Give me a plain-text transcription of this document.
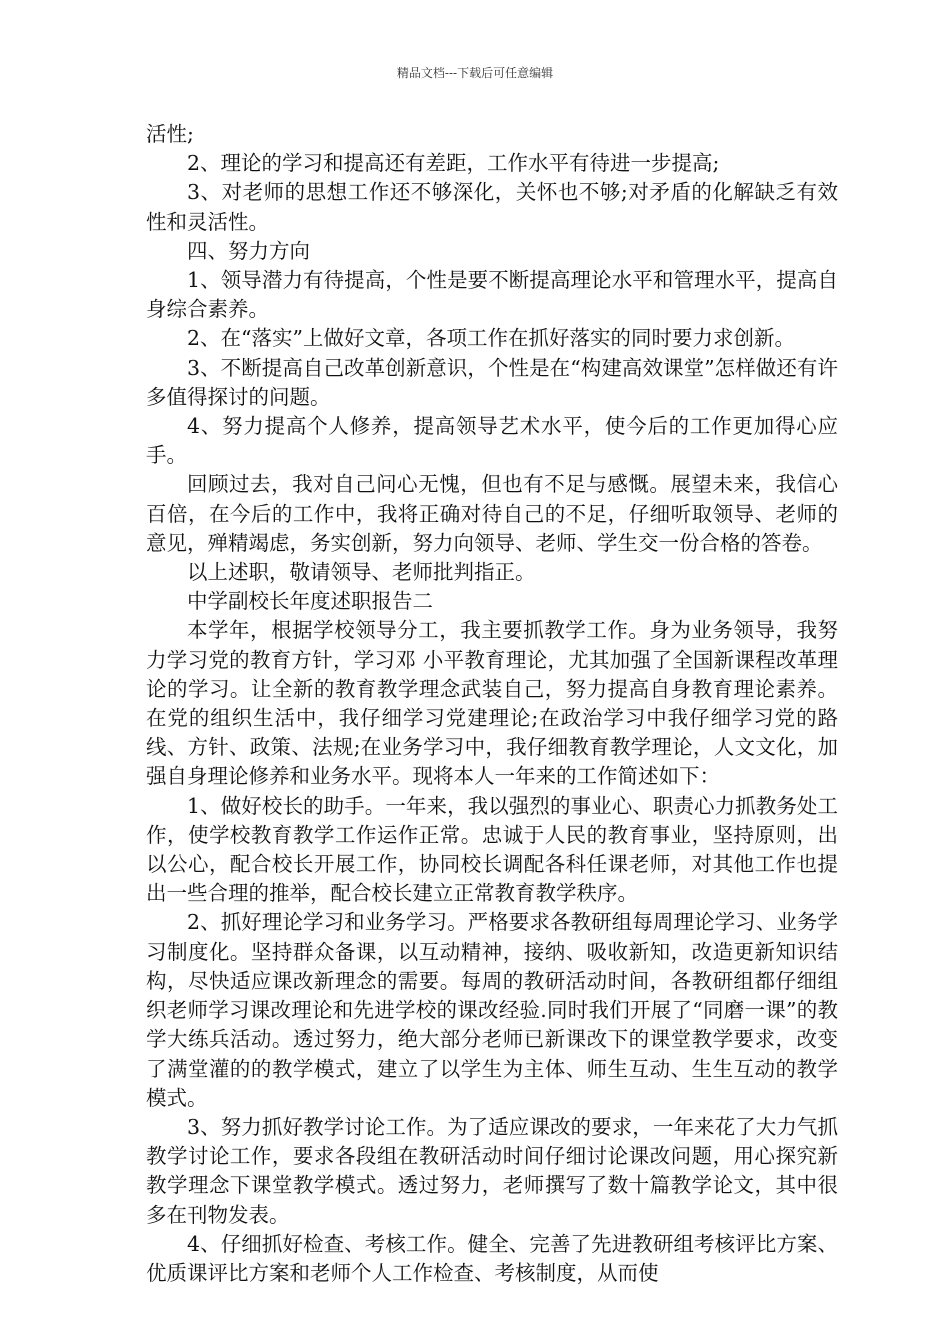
精品文档---下载后可任意编辑

活性;

2、理论的学习和提高还有差距，工作水平有待进一步提高;

3、对老师的思想工作还不够深化，关怀也不够;对矛盾的化解缺乏有效性和灵活性。

四、努力方向

1、领导潜力有待提高，个性是要不断提高理论水平和管理水平，提高自身综合素养。

2、在“落实”上做好文章，各项工作在抓好落实的同时要力求创新。

3、不断提高自己改革创新意识，个性是在“构建高效课堂”怎样做还有许多值得探讨的问题。

4、努力提高个人修养，提高领导艺术水平，使今后的工作更加得心应手。

回顾过去，我对自己问心无愧，但也有不足与感慨。展望未来，我信心百倍，在今后的工作中，我将正确对待自己的不足，仔细听取领导、老师的意见，殚精竭虑，务实创新，努力向领导、老师、学生交一份合格的答卷。

以上述职，敬请领导、老师批判指正。

中学副校长年度述职报告二

本学年，根据学校领导分工，我主要抓教学工作。身为业务领导，我努力学习党的教育方针，学习邓 小平教育理论，尤其加强了全国新课程改革理论的学习。让全新的教育教学理念武装自己，努力提高自身教育理论素养。在党的组织生活中，我仔细学习党建理论;在政治学习中我仔细学习党的路线、方针、政策、法规;在业务学习中，我仔细教育教学理论，人文文化，加强自身理论修养和业务水平。现将本人一年来的工作简述如下：

1、做好校长的助手。一年来，我以强烈的事业心、职责心力抓教务处工作，使学校教育教学工作运作正常。忠诚于人民的教育事业，坚持原则，出以公心，配合校长开展工作，协同校长调配各科任课老师，对其他工作也提出一些合理的推举，配合校长建立正常教育教学秩序。

2、抓好理论学习和业务学习。严格要求各教研组每周理论学习、业务学习制度化。坚持群众备课，以互动精神，接纳、吸收新知，改造更新知识结构，尽快适应课改新理念的需要。每周的教研活动时间，各教研组都仔细组织老师学习课改理论和先进学校的课改经验.同时我们开展了“同磨一课”的教学大练兵活动。透过努力，绝大部分老师已新课改下的课堂教学要求，改变了满堂灌的的教学模式，建立了以学生为主体、师生互动、生生互动的教学模式。

3、努力抓好教学讨论工作。为了适应课改的要求，一年来花了大力气抓教学讨论工作，要求各段组在教研活动时间仔细讨论课改问题，用心探究新教学理念下课堂教学模式。透过努力，老师撰写了数十篇教学论文，其中很多在刊物发表。

4、仔细抓好检查、考核工作。健全、完善了先进教研组考核评比方案、优质课评比方案和老师个人工作检查、考核制度，从而使
